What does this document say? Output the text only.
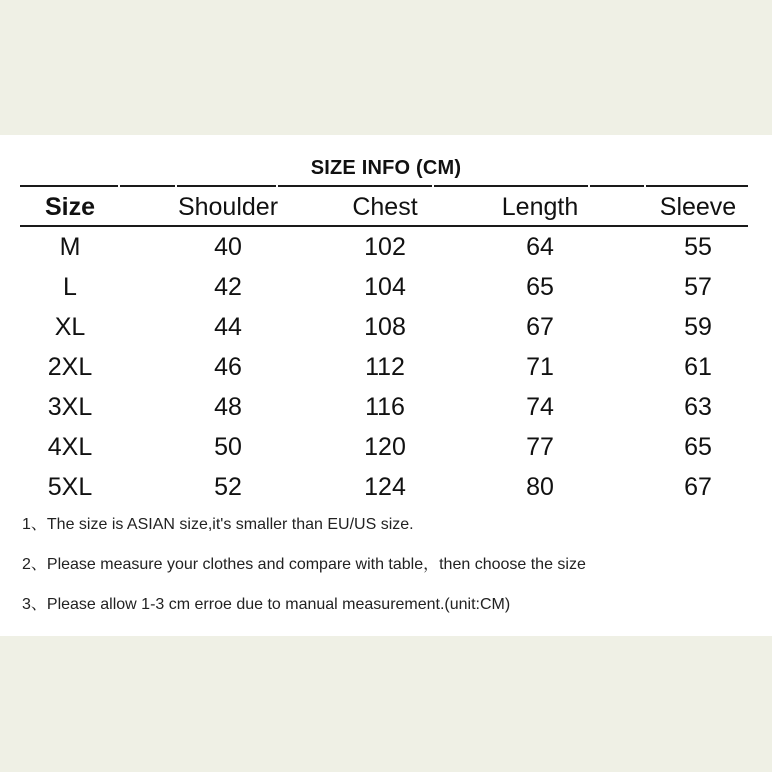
SIZE INFO (CM)
Size	Shoulder	Chest	Length	Sleeve
M	40	102	64	55
L	42	104	65	57
XL	44	108	67	59
2XL	46	112	71	61
3XL	48	116	74	63
4XL	50	120	77	65
5XL	52	124	80	67
1、The size is ASIAN size,it's smaller than EU/US size.
2、Please measure your clothes and compare with table，then choose the size
3、Please allow 1-3 cm erroe due to manual measurement.(unit:CM)
